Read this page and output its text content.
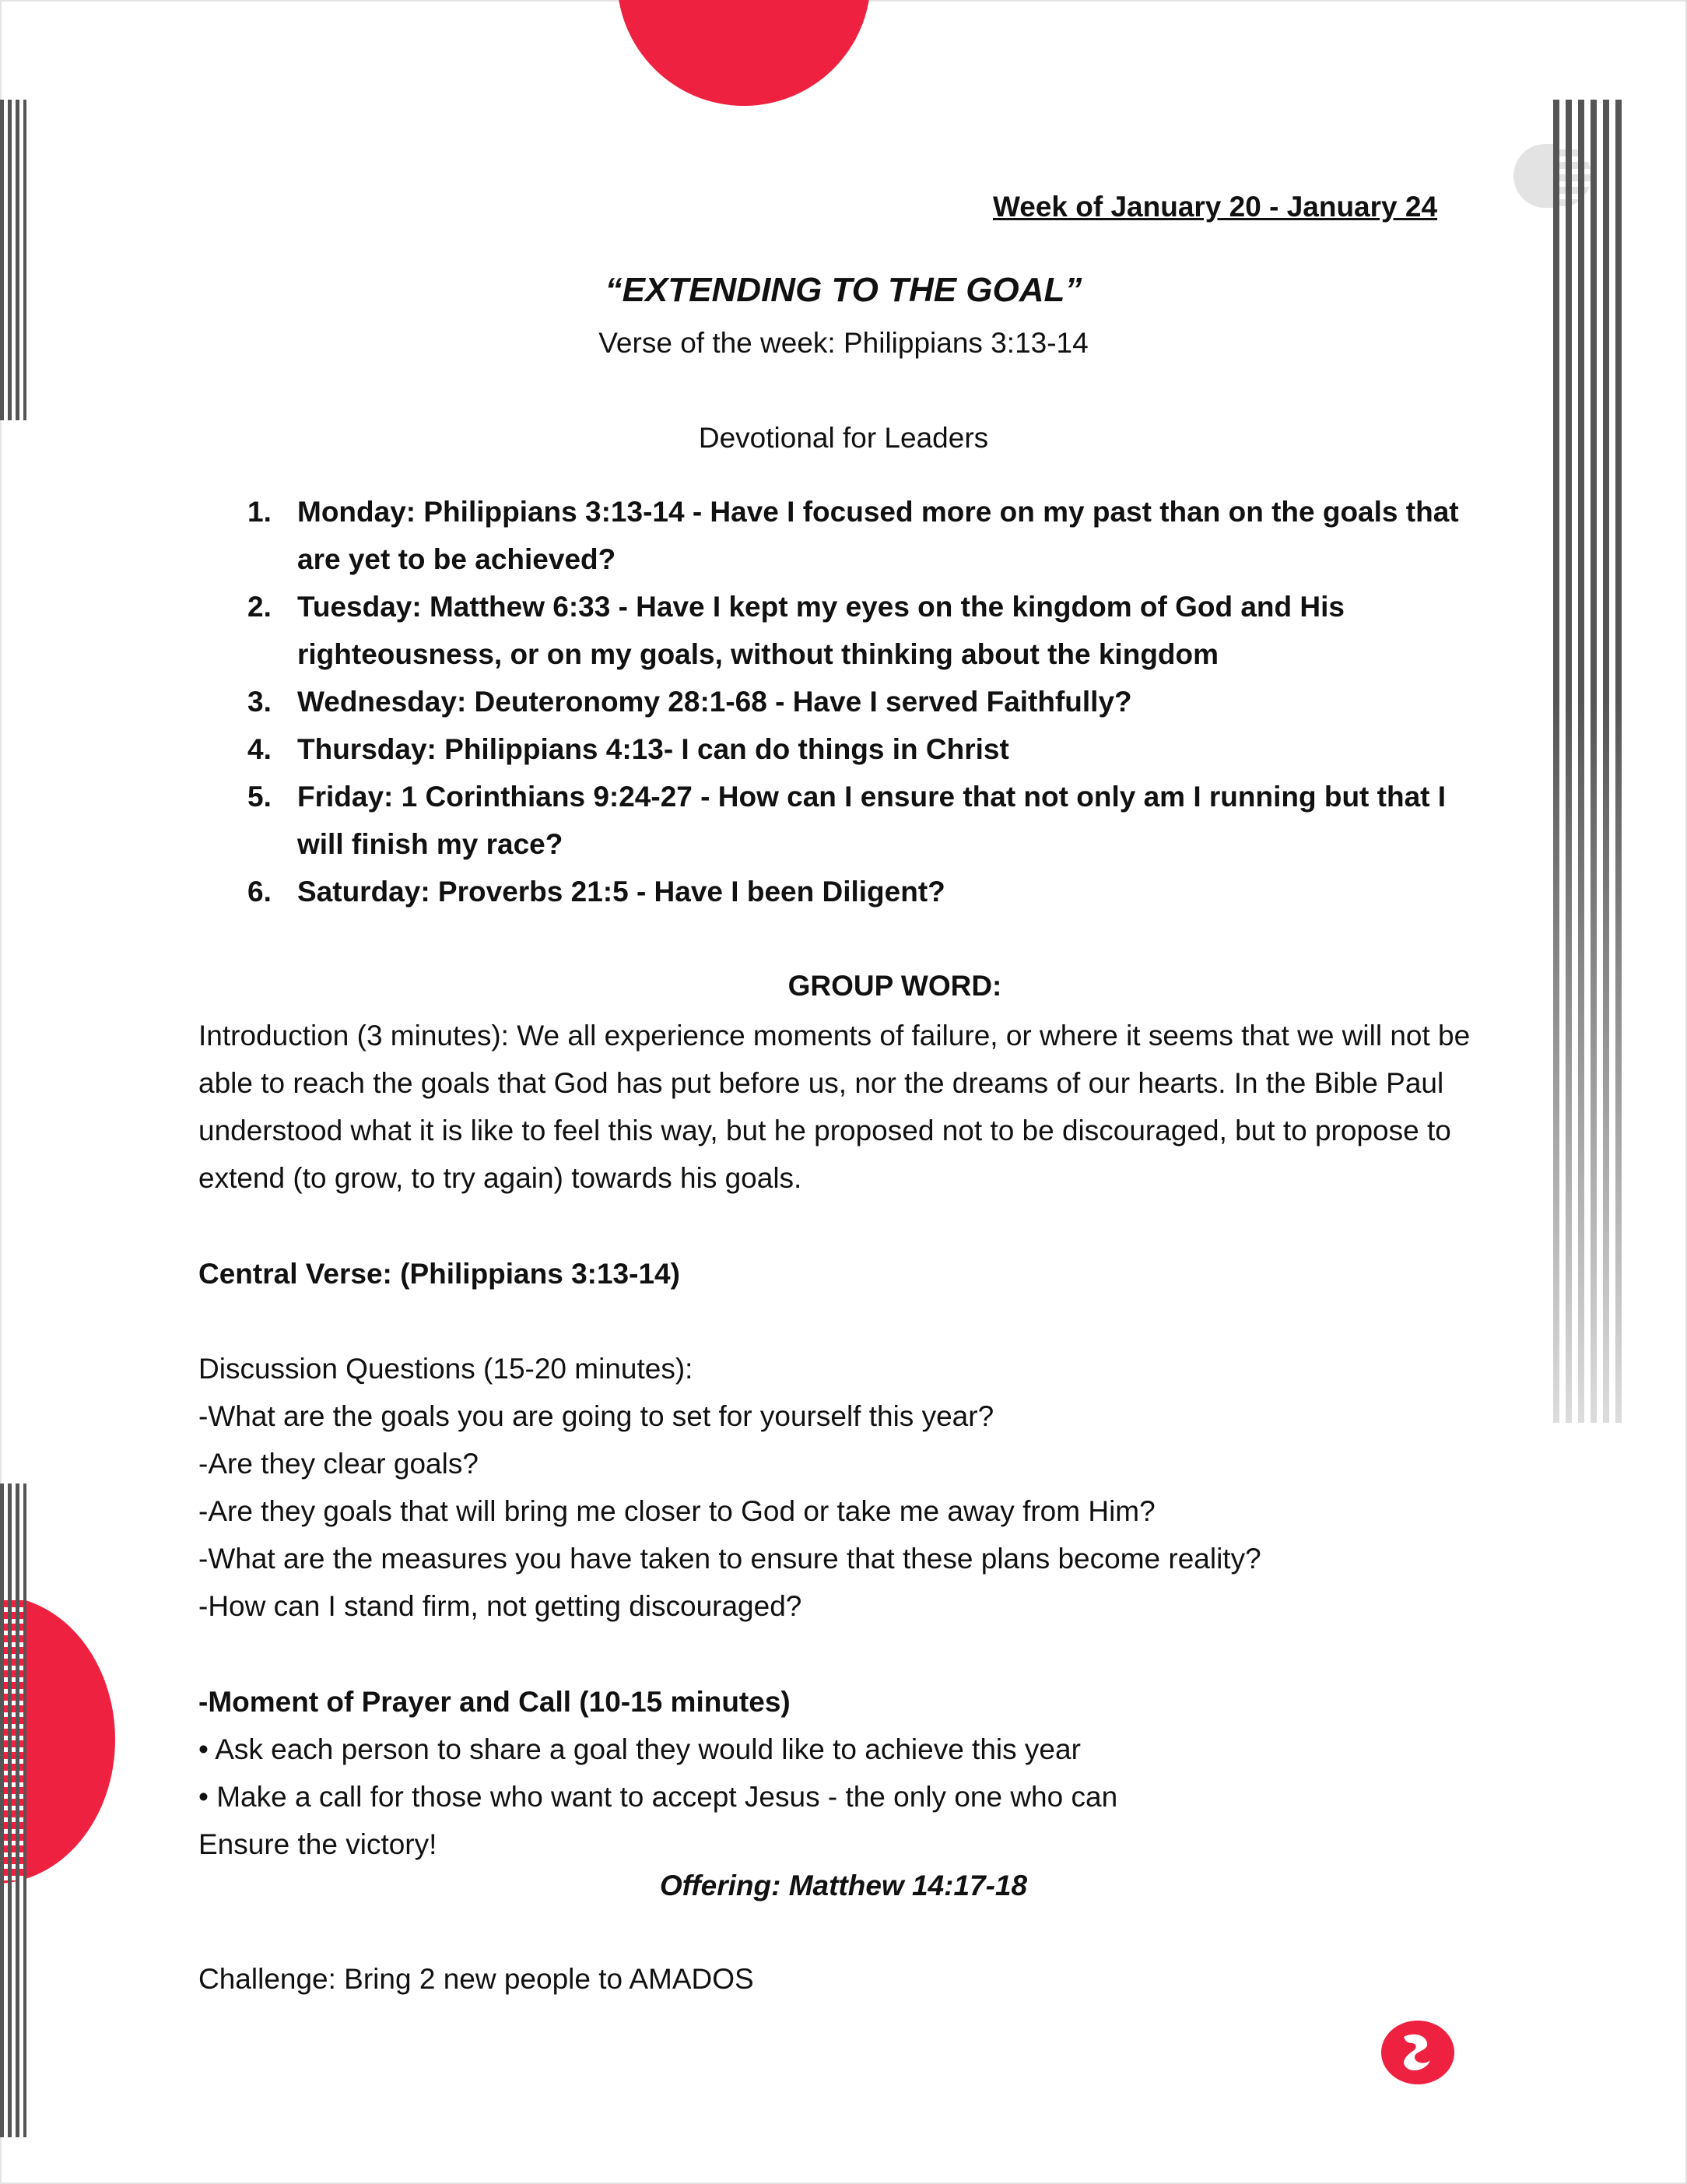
Week of January 20 - January 24
“EXTENDING TO THE GOAL”
Verse of the week: Philippians 3:13-14
Devotional for Leaders
1. Monday: Philippians 3:13-14 - Have I focused more on my past than on the goals that are yet to be achieved?
2. Tuesday: Matthew 6:33 - Have I kept my eyes on the kingdom of God and His righteousness, or on my goals, without thinking about the kingdom
3. Wednesday: Deuteronomy 28:1-68 - Have I served Faithfully?
4. Thursday: Philippians 4:13- I can do things in Christ
5. Friday: 1 Corinthians 9:24-27 - How can I ensure that not only am I running but that I will finish my race?
6. Saturday: Proverbs 21:5 - Have I been Diligent?
GROUP WORD:
Introduction (3 minutes): We all experience moments of failure, or where it seems that we will not be able to reach the goals that God has put before us, nor the dreams of our hearts. In the Bible Paul understood what it is like to feel this way, but he proposed not to be discouraged, but to propose to extend (to grow, to try again) towards his goals.
Central Verse: (Philippians 3:13-14)

Discussion Questions (15-20 minutes):

-What are the goals you are going to set for yourself this year?

-Are they clear goals?

-Are they goals that will bring me closer to God or take me away from Him?

-What are the measures you have taken to ensure that these plans become reality?

-How can I stand firm, not getting discouraged?

-Moment of Prayer and Call (10-15 minutes)

• Ask each person to share a goal they would like to achieve this year

• Make a call for those who want to accept Jesus - the only one who can

Ensure the victory!

Offering: Matthew 14:17-18
Challenge: Bring 2 new people to AMADOS
